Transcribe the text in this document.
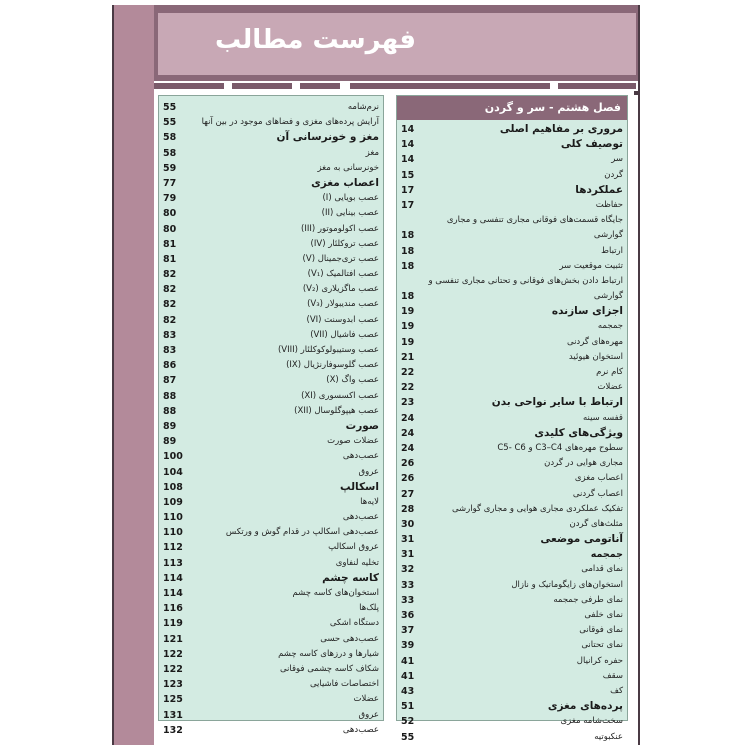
فهرست مطالب
فصل هشتم - سر و گردن
مروری بر مفاهیم اصلی
14
توصیف کلی
14
سر
14
گردن
15
عملکردها
17
حفاظت
17
جایگاه قسمت‌های فوقانی مجاری تنفسی و مجاری
گوارشی
18
ارتباط
18
تثبیت موقعیت سر
18
ارتباط دادن بخش‌های فوقانی و تحتانی مجاری تنفسی و
گوارشی
18
اجزای سازنده
19
جمجمه
19
مهره‌های گردنی
19
استخوان هیوئید
21
کام نرم
22
عضلات
22
ارتباط با سایر نواحی بدن
23
قفسه سینه
24
ویژگی‌های کلیدی
24
سطوح مهره‌های C3–C4 و C5- C6
24
مجاری هوایی در گردن
26
اعصاب مغزی
26
اعصاب گردنی
27
تفکیک عملکردی مجاری هوایی و مجاری گوارشی
28
مثلث‌های گردن
30
آناتومی موضعی
31
جمجمه
31
نمای قدامی
32
استخوان‌های زایگوماتیک و نازال
33
نمای طرفی جمجمه
33
نمای خلفی
36
نمای فوقانی
37
نمای تحتانی
39
حفره کرانیال
41
سقف
41
کف
43
پرده‌های مغزی
51
سخت‌شامه مغزی
52
عنکبوتیه
55
نرم‌شامه
55
آرایش پرده‌های مغزی و فضاهای موجود در بین آنها
55
مغز و خونرسانی آن
58
مغز
58
خونرسانی به مغز
59
اعصاب مغزی
77
عصب بویایی (I)
79
عصب بینایی (II)
80
عصب اکولوموتور (III)
80
عصب تروکلئار (IV)
81
عصب تری‌جمینال (V)
81
عصب افتالمیک (V₁)
82
عصب ماگزیلاری (V₂)
82
عصب مندیبولار (V₃)
82
عصب ابدوسنت (VI)
82
عصب فاشیال (VII)
83
عصب وستیبولوکوکلئار (VIII)
83
عصب گلوسوفارنژیال (IX)
86
عصب واگ (X)
87
عصب اکسسوری (XI)
88
عصب هیپوگلوسال (XII)
88
صورت
89
عضلات صورت
89
عصب‌دهی
100
عروق
104
اسکالپ
108
لایه‌ها
109
عصب‌دهی
110
عصب‌دهی اسکالپ در قدام گوش و ورتکس
110
عروق اسکالپ
112
تخلیه لنفاوی
113
کاسه چشم
114
استخوان‌های کاسه چشم
114
پلک‌ها
116
دستگاه اشکی
119
عصب‌دهی حسی
121
شیارها و درزهای کاسه چشم
122
شکاف کاسه چشمی فوقانی
122
اختصاصات فاشیایی
123
عضلات
125
عروق
131
عصب‌دهی
132
